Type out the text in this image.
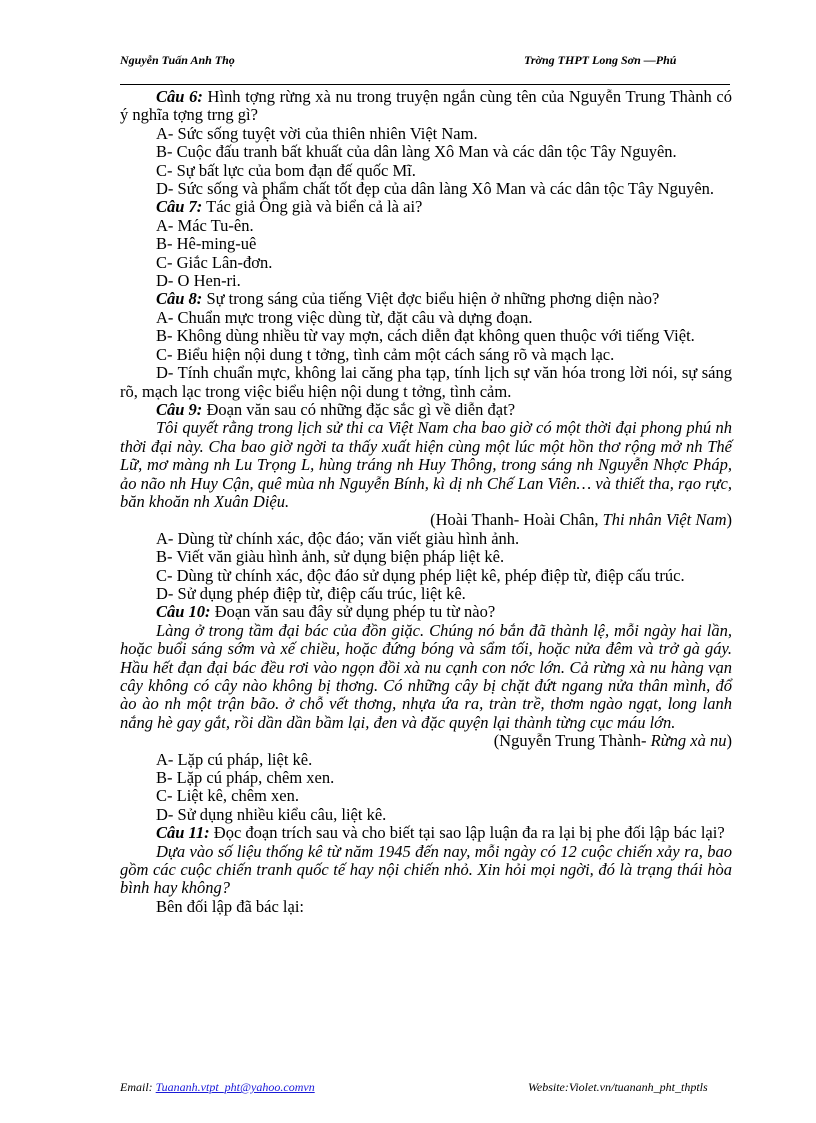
Nguyễn Tuấn Anh Thọ	Trờng THPT Long Sơn —Phú

Câu 6: Hình tợng rừng xà nu trong truyện ngắn cùng tên của Nguyễn Trung Thành có ý nghĩa tợng trng gì?

A- Sức sống tuyệt vời của thiên nhiên Việt Nam.

B- Cuộc đấu tranh bất khuất của dân làng Xô Man và các dân tộc Tây Nguyên.

C- Sự bất lực của bom đạn đế quốc Mĩ.

D- Sức sống và phẩm chất tốt đẹp của dân làng Xô Man và các dân tộc Tây Nguyên.

Câu 7: Tác giả Ông già và biển cả là ai?

A- Mác Tu-ên.

B- Hê-ming-uê

C- Giắc Lân-đơn.

D- O Hen-ri.

Câu 8: Sự trong sáng của tiếng Việt đợc biểu hiện ở những phơng diện nào?

A- Chuẩn mực trong việc dùng từ, đặt câu và dựng đoạn.

B- Không dùng nhiều từ vay mợn, cách diễn đạt không quen thuộc với tiếng Việt.

C- Biểu hiện nội dung t tởng, tình cảm một cách sáng rõ và mạch lạc.

D- Tính chuẩn mực, không lai căng pha tạp, tính lịch sự văn hóa trong lời nói, sự sáng rõ, mạch lạc trong việc biểu hiện nội dung t tởng, tình cảm.

Câu 9: Đoạn văn sau có những đặc sắc gì về diễn đạt?

Tôi quyết rằng trong lịch sử thi ca Việt Nam cha bao giờ có một thời đại phong phú nh thời đại này. Cha bao giờ ngời ta thấy xuất hiện cùng một lúc một hồn thơ rộng mở nh Thế Lữ, mơ màng nh Lu Trọng L, hùng tráng nh Huy Thông, trong sáng nh Nguyễn Nhợc Pháp, ảo não nh Huy Cận, quê mùa nh Nguyễn Bính, kì dị nh Chế Lan Viên… và thiết tha, rạo rực, băn khoăn nh Xuân Diệu.

(Hoài Thanh- Hoài Chân, Thi nhân Việt Nam)

A- Dùng từ chính xác, độc đáo; văn viết giàu hình ảnh.

B- Viết văn giàu hình ảnh, sử dụng biện pháp liệt kê.

C- Dùng từ chính xác, độc đáo sử dụng phép liệt kê, phép điệp từ, điệp cấu trúc.

D- Sử dụng phép điệp từ, điệp cấu trúc, liệt kê.

Câu 10: Đoạn văn sau đây sử dụng phép tu từ nào?

Làng ở trong tầm đại bác của đồn giặc. Chúng nó bắn đã thành lệ, mỗi ngày hai lần, hoặc buổi sáng sớm và xế chiều, hoặc đứng bóng và sẩm tối, hoặc nửa đêm và trở gà gáy. Hầu hết đạn đại bác đều rơi vào ngọn đồi xà nu cạnh con nớc lớn. Cả rừng xà nu hàng vạn cây không có cây nào không bị thơng. Có những cây bị chặt đứt ngang nửa thân mình, đổ ào ào nh một trận bão. ở chỗ vết thơng, nhựa ứa ra, tràn trề, thơm ngào ngạt, long lanh nắng hè gay gắt, rồi dần dần bầm lại, đen và đặc quyện lại thành từng cục máu lớn.

(Nguyễn Trung Thành- Rừng xà nu)

A- Lặp cú pháp, liệt kê.

B- Lặp cú pháp, chêm xen.

C- Liệt kê, chêm xen.

D- Sử dụng nhiều kiểu câu, liệt kê.

Câu 11: Đọc đoạn trích sau và cho biết tại sao lập luận đa ra lại bị phe đối lập bác lại?

Dựa vào số liệu thống kê từ năm 1945 đến nay, mỗi ngày có 12 cuộc chiến xảy ra, bao gồm các cuộc chiến tranh quốc tế hay nội chiến nhỏ. Xin hỏi mọi ngời, đó là trạng thái hòa bình hay không?

Bên đối lập đã bác lại:

Email: Tuananh.vtpt_pht@yahoo.comvn	Website:Violet.vn/tuananh_pht_thptls
